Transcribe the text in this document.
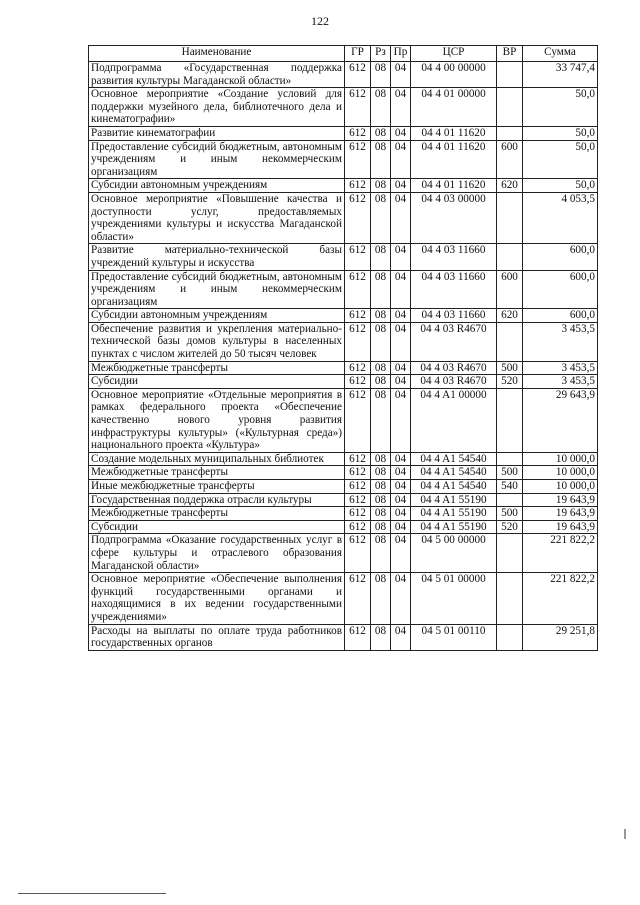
122
Наименование	ГР	Рз	Пр	ЦСР	ВР	Сумма
Подпрограмма «Государственная поддержка развития культуры Магаданской области»	612	08	04	04 4 00 00000		33 747,4
Основное мероприятие «Создание условий для поддержки музейного дела, библиотечного дела и кинематографии»	612	08	04	04 4 01 00000		50,0
Развитие кинематографии	612	08	04	04 4 01 11620		50,0
Предоставление субсидий бюджетным, автономным учреждениям и иным некоммерческим организациям	612	08	04	04 4 01 11620	600	50,0
Субсидии автономным учреждениям	612	08	04	04 4 01 11620	620	50,0
Основное мероприятие «Повышение качества и доступности услуг, предоставляемых учреждениями культуры и искусства Магаданской области»	612	08	04	04 4 03 00000		4 053,5
Развитие материально-технической базы учреждений культуры и искусства	612	08	04	04 4 03 11660		600,0
Предоставление субсидий бюджетным, автономным учреждениям и иным некоммерческим организациям	612	08	04	04 4 03 11660	600	600,0
Субсидии автономным учреждениям	612	08	04	04 4 03 11660	620	600,0
Обеспечение развития и укрепления материально-технической базы домов культуры в населенных пунктах с числом жителей до 50 тысяч человек	612	08	04	04 4 03 R4670		3 453,5
Межбюджетные трансферты	612	08	04	04 4 03 R4670	500	3 453,5
Субсидии	612	08	04	04 4 03 R4670	520	3 453,5
Основное мероприятие «Отдельные мероприятия в рамках федерального проекта «Обеспечение качественно нового уровня развития инфраструктуры культуры» («Культурная среда») национального проекта «Культура»	612	08	04	04 4 A1 00000		29 643,9
Создание модельных муниципальных библиотек	612	08	04	04 4 A1 54540		10 000,0
Межбюджетные трансферты	612	08	04	04 4 A1 54540	500	10 000,0
Иные межбюджетные трансферты	612	08	04	04 4 A1 54540	540	10 000,0
Государственная поддержка отрасли культуры	612	08	04	04 4 A1 55190		19 643,9
Межбюджетные трансферты	612	08	04	04 4 A1 55190	500	19 643,9
Субсидии	612	08	04	04 4 A1 55190	520	19 643,9
Подпрограмма «Оказание государственных услуг в сфере культуры и отраслевого образования Магаданской области»	612	08	04	04 5 00 00000		221 822,2
Основное мероприятие «Обеспечение выполнения функций государственными органами и находящимися в их ведении государственными учреждениями»	612	08	04	04 5 01 00000		221 822,2
Расходы на выплаты по оплате труда работников государственных органов	612	08	04	04 5 01 00110		29 251,8
